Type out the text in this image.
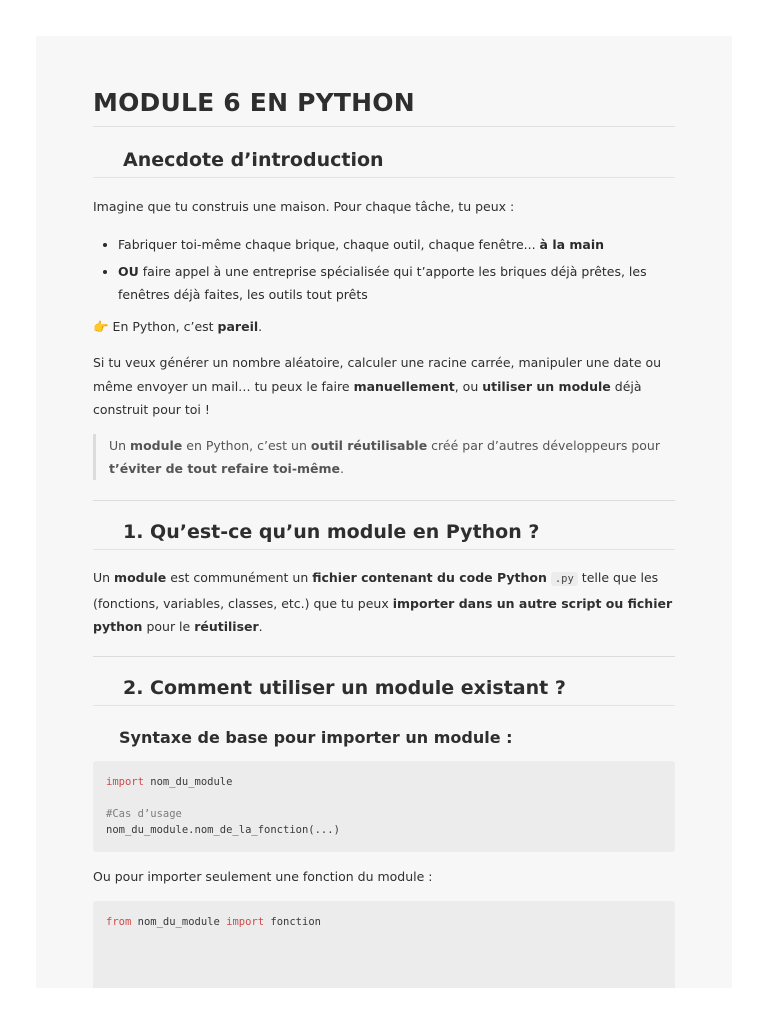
MODULE 6 EN PYTHON
Anecdote d’introduction
Imagine que tu construis une maison. Pour chaque tâche, tu peux :
• Fabriquer toi-même chaque brique, chaque outil, chaque fenêtre... à la main
• OU faire appel à une entreprise spécialisée qui t’apporte les briques déjà prêtes, les fenêtres déjà faites, les outils tout prêts
👉 En Python, c’est pareil.
Si tu veux générer un nombre aléatoire, calculer une racine carrée, manipuler une date ou même envoyer un mail… tu peux le faire manuellement, ou utiliser un module déjà construit pour toi !
Un module en Python, c’est un outil réutilisable créé par d’autres développeurs pour t’éviter de tout refaire toi-même.
1. Qu’est-ce qu’un module en Python ?
Un module est communément un fichier contenant du code Python .py telle que les (fonctions, variables, classes, etc.) que tu peux importer dans un autre script ou fichier python pour le réutiliser.
2. Comment utiliser un module existant ?
Syntaxe de base pour importer un module :
import nom_du_module
#Cas d’usage
nom_du_module.nom_de_la_fonction(...)
Ou pour importer seulement une fonction du module :
from nom_du_module import fonction
